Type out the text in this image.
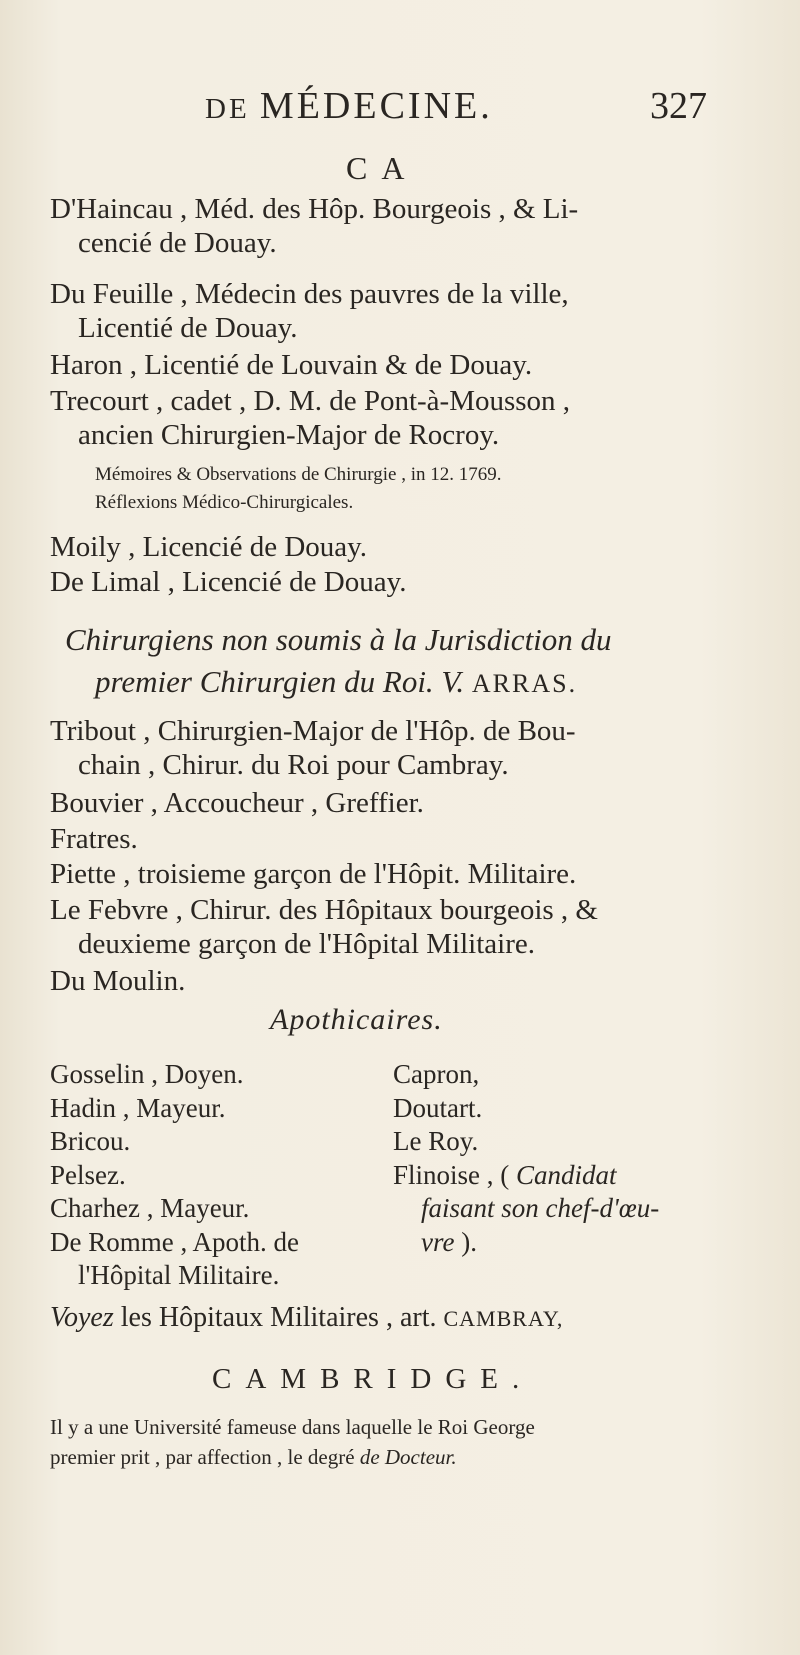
DE MÉDECINE.	327
CA
D'Haincau , Méd. des Hôp. Bourgeois , & Li-
cencié de Douay.
Du Feuille , Médecin des pauvres de la ville,
Licentié de Douay.
Haron , Licentié de Louvain & de Douay.
Trecourt , cadet , D. M. de Pont-à-Mousson ,
ancien Chirurgien-Major de Rocroy.
Mémoires & Observations de Chirurgie , in 12. 1769.
Réflexions Médico-Chirurgicales.
Moily , Licencié de Douay.
De Limal , Licencié de Douay.
Chirurgiens non soumis à la Jurisdiction du
premier Chirurgien du Roi. V. ARRAS.
Tribout , Chirurgien-Major de l'Hôp. de Bou-
chain , Chirur. du Roi pour Cambray.
Bouvier , Accoucheur , Greffier.
Fratres.
Piette , troisieme garçon de l'Hôpit. Militaire.
Le Febvre , Chirur. des Hôpitaux bourgeois , &
deuxieme garçon de l'Hôpital Militaire.
Du Moulin.
Apothicaires.
Gosselin , Doyen.
Hadin , Mayeur.
Bricou.
Pelsez.
Charhez , Mayeur.
De Romme , Apoth. de
l'Hôpital Militaire.
Capron,
Doutart.
Le Roy.
Flinoise , ( Candidat
faisant son chef-d'œu-
vre ).
Voyez les Hôpitaux Militaires , art. CAMBRAY,
CAMBRIDGE.
Il y a une Université fameuse dans laquelle le Roi George
premier prit , par affection , le degré de Docteur.
